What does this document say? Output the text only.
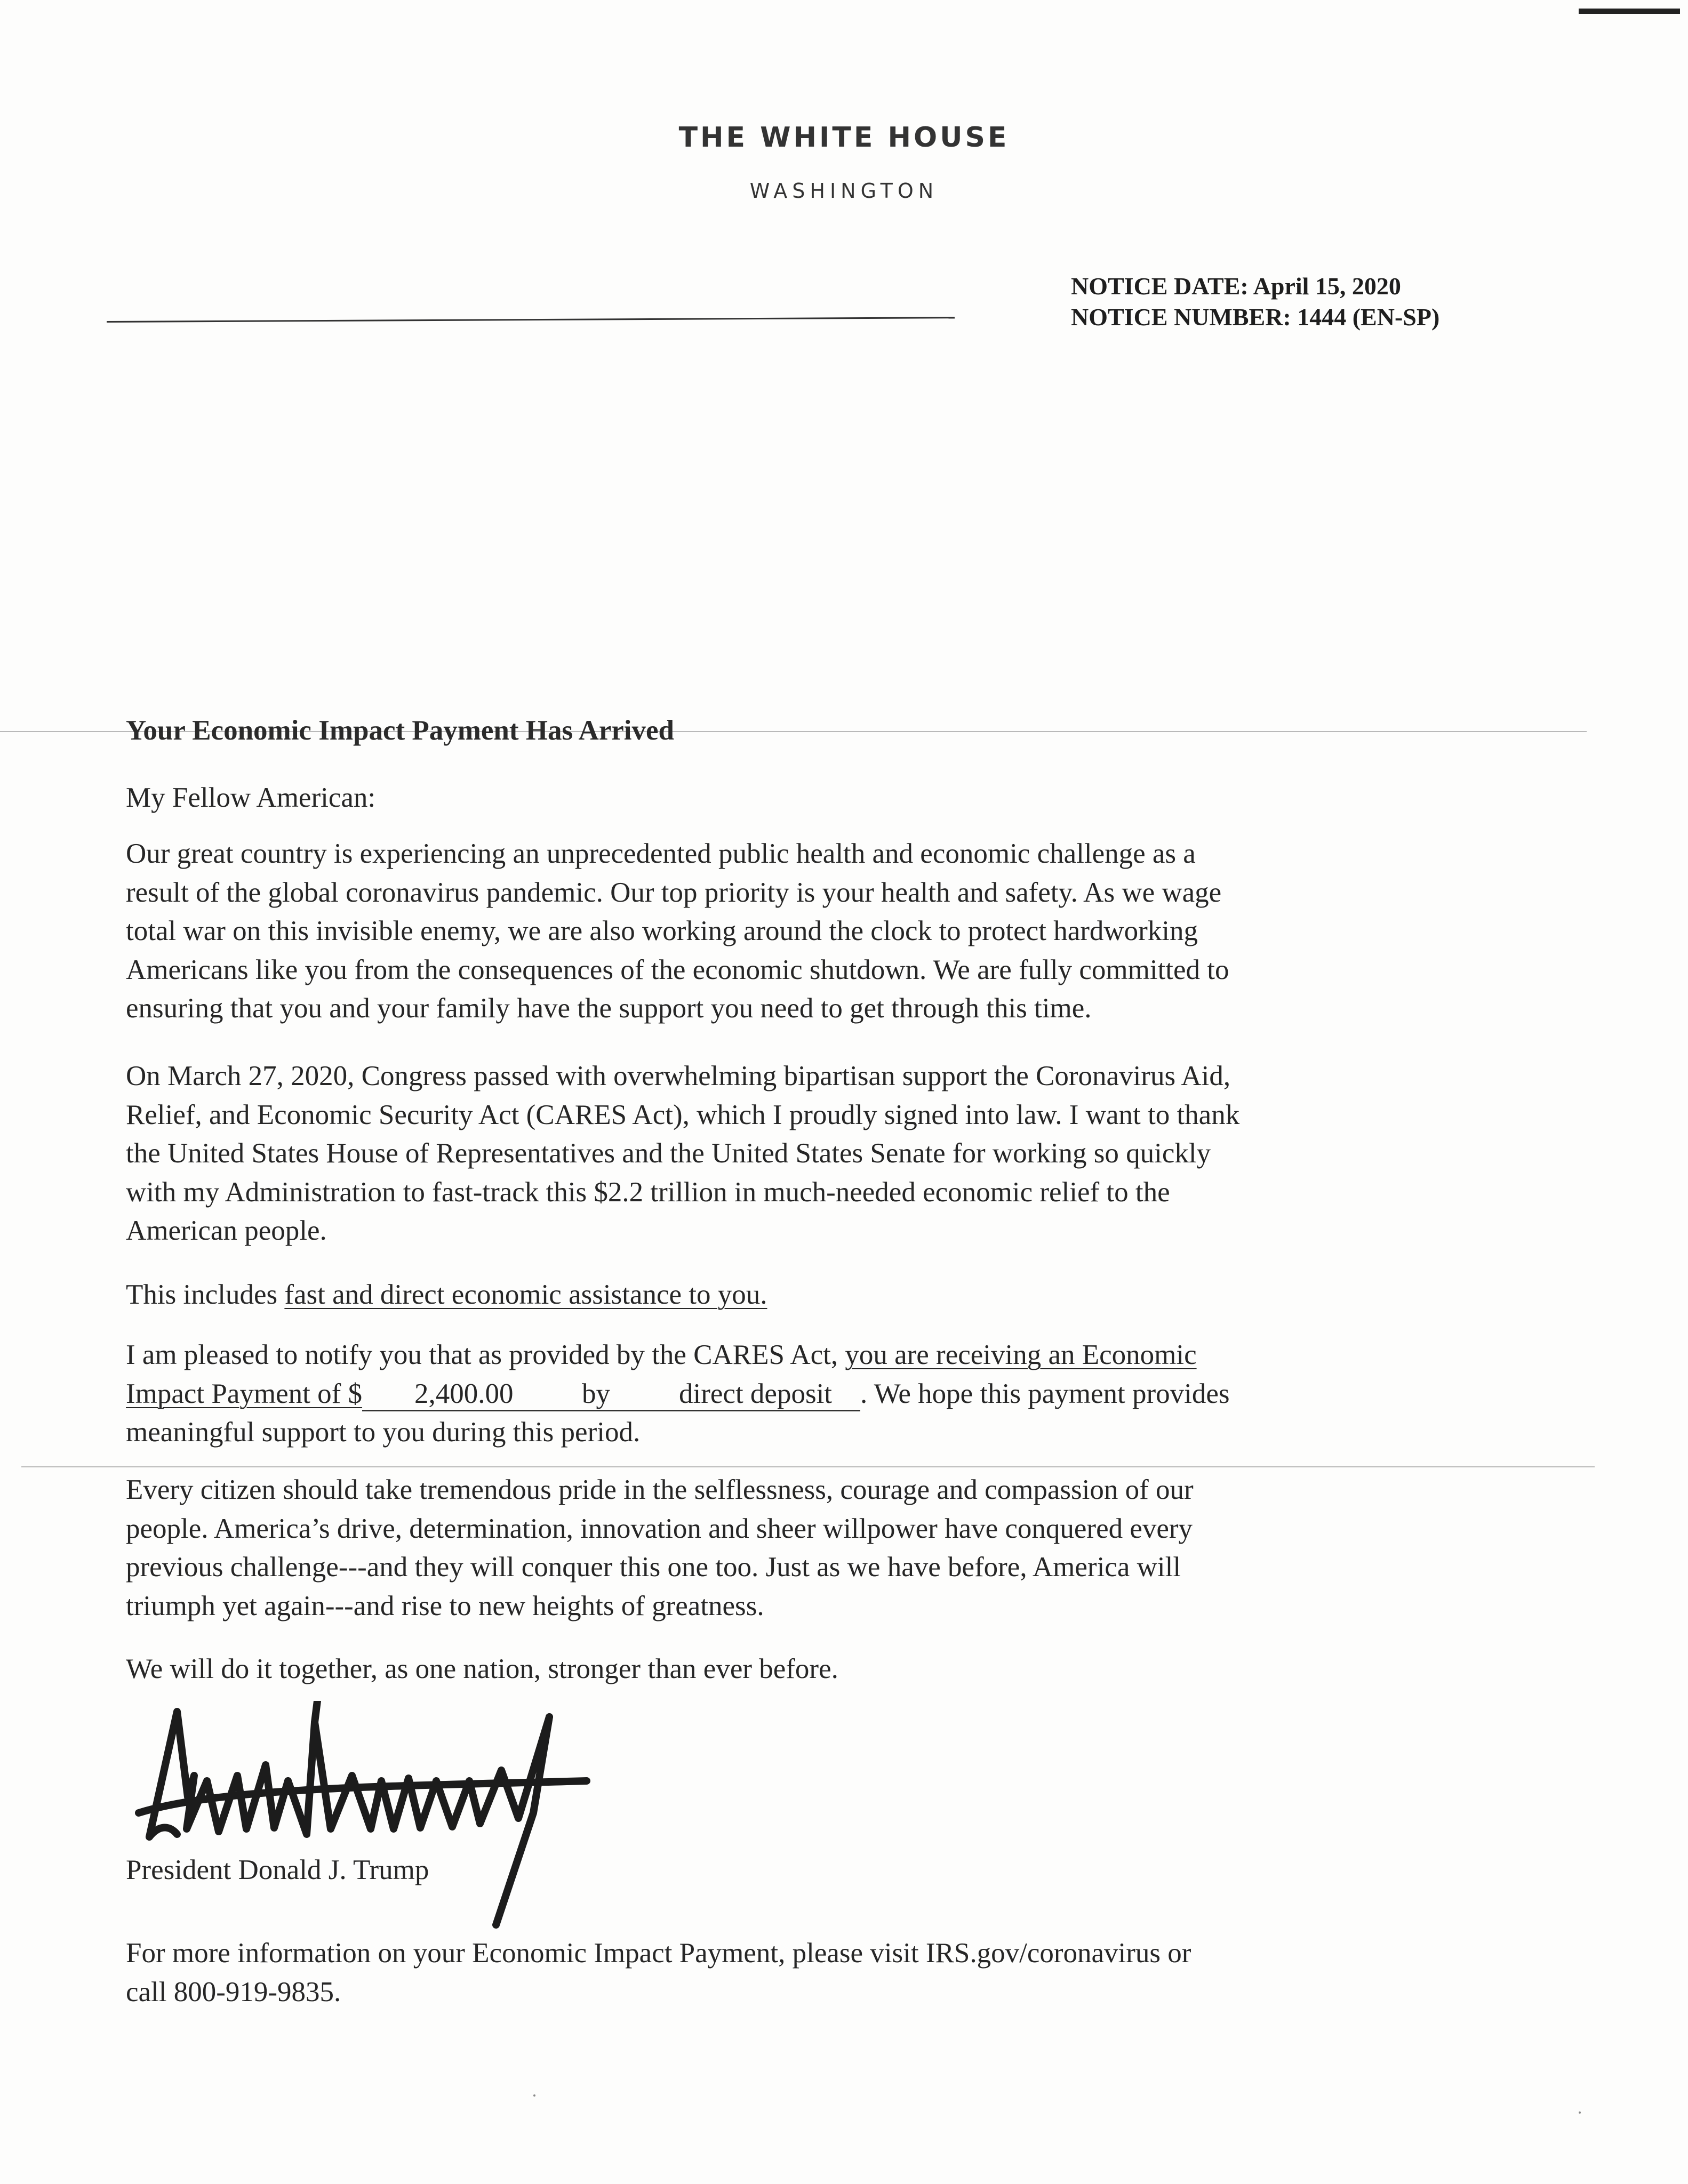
THE WHITE HOUSE
WASHINGTON
NOTICE DATE: April 15, 2020
NOTICE NUMBER: 1444 (EN-SP)
Your Economic Impact Payment Has Arrived
My Fellow American:
Our great country is experiencing an unprecedented public health and economic challenge as a
result of the global coronavirus pandemic. Our top priority is your health and safety. As we wage
total war on this invisible enemy, we are also working around the clock to protect hardworking
Americans like you from the consequences of the economic shutdown. We are fully committed to
ensuring that you and your family have the support you need to get through this time.
On March 27, 2020, Congress passed with overwhelming bipartisan support the Coronavirus Aid,
Relief, and Economic Security Act (CARES Act), which I proudly signed into law. I want to thank
the United States House of Representatives and the United States Senate for working so quickly
with my Administration to fast-track this $2.2 trillion in much-needed economic relief to the
American people.
This includes fast and direct economic assistance to you.
I am pleased to notify you that as provided by the CARES Act, you are receiving an Economic
Impact Payment of $ 2,400.00 by direct deposit . We hope this payment provides
meaningful support to you during this period.
Every citizen should take tremendous pride in the selflessness, courage and compassion of our
people. America’s drive, determination, innovation and sheer willpower have conquered every
previous challenge---and they will conquer this one too. Just as we have before, America will
triumph yet again---and rise to new heights of greatness.
We will do it together, as one nation, stronger than ever before.
President Donald J. Trump
For more information on your Economic Impact Payment, please visit IRS.gov/coronavirus or
call 800-919-9835.
